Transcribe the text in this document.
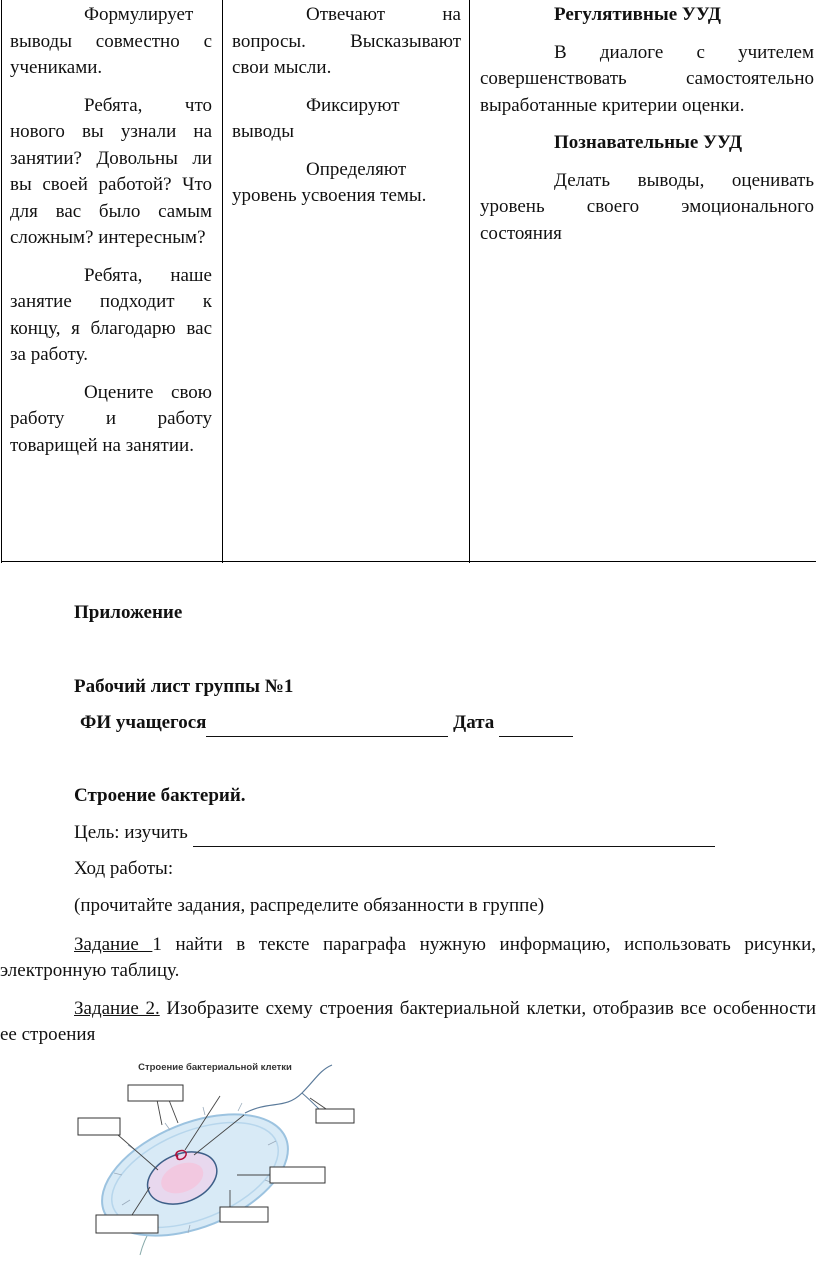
Формулирует выводы совместно с учениками.

Ребята, что нового вы узнали на занятии? Довольны ли вы своей работой? Что для вас было самым сложным? интересным?

Ребята, наше занятие подходит к концу, я благодарю вас за работу.

Оцените свою работу и работу товарищей на занятии.

Отвечают на вопросы. Высказывают свои мысли.

Фиксируют выводы

Определяют уровень усвоения темы.

Регулятивные УУД

В диалоге с учителем совершенствовать самостоятельно выработанные критерии оценки.

Познавательные УУД

Делать выводы, оценивать уровень своего эмоционального состояния

Приложение
Рабочий лист группы №1
ФИ учащегося	Дата
Строение бактерий.
Цель: изучить
Ход работы:
(прочитайте задания, распределите обязанности в группе)
Задание 1 найти в тексте параграфа нужную информацию, использовать рисунки, электронную таблицу.
Задание 2. Изобразите схему строения бактериальной клетки, отобразив все особенности ее строения
Строение бактериальной клетки
